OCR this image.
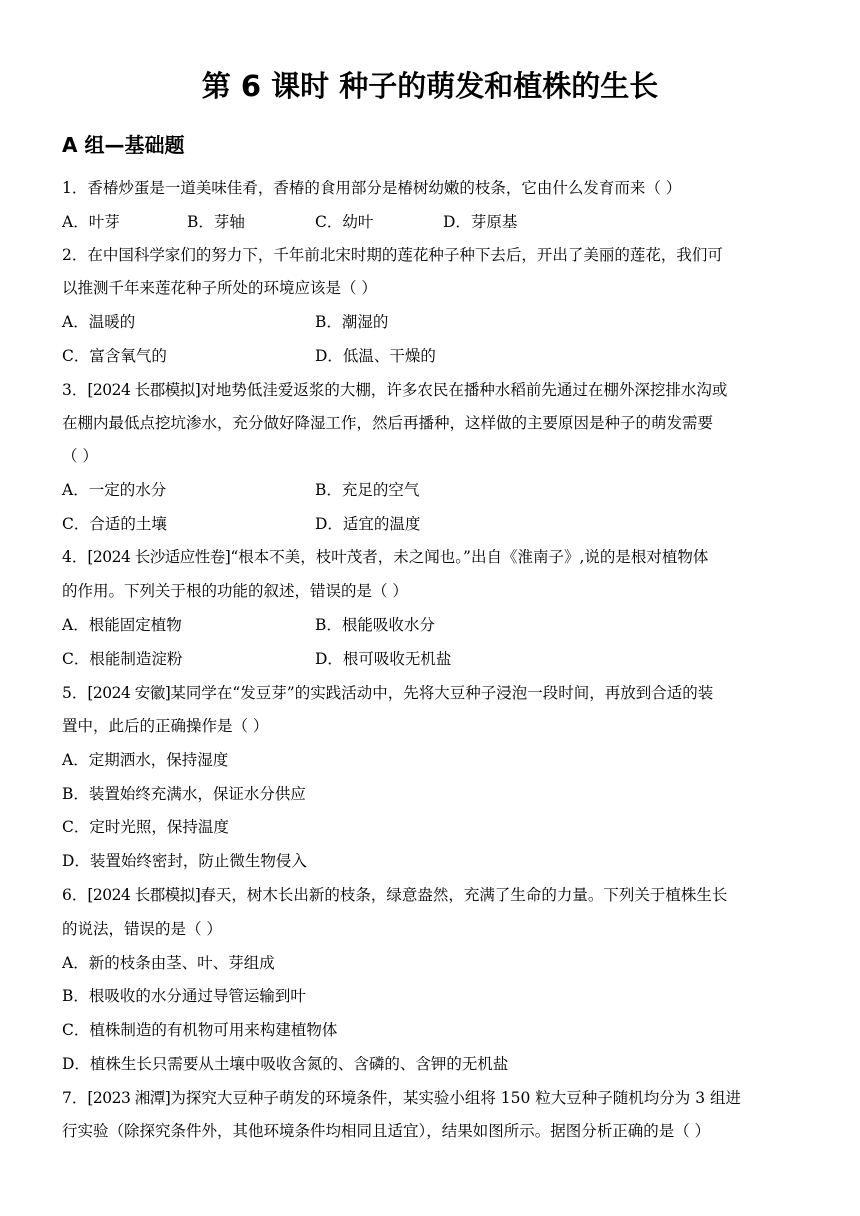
第 6 课时 种子的萌发和植株的生长
A 组—基础题
1．香椿炒蛋是一道美味佳肴，香椿的食用部分是椿树幼嫩的枝条，它由什么发育而来（ ）
A．叶芽	B．芽轴	C．幼叶	D．芽原基
2．在中国科学家们的努力下，千年前北宋时期的莲花种子种下去后，开出了美丽的莲花，我们可
以推测千年来莲花种子所处的环境应该是（ ）
A．温暖的	B．潮湿的
C．富含氧气的	D．低温、干燥的
3．[2024 长郡模拟]对地势低洼爱返浆的大棚，许多农民在播种水稻前先通过在棚外深挖排水沟或
在棚内最低点挖坑渗水，充分做好降湿工作，然后再播种，这样做的主要原因是种子的萌发需要
（ ）
A．一定的水分	B．充足的空气
C．合适的土壤	D．适宜的温度
4．[2024 长沙适应性卷]“根本不美，枝叶茂者，未之闻也。”出自《淮南子》,说的是根对植物体
的作用。下列关于根的功能的叙述，错误的是（ ）
A．根能固定植物	B．根能吸收水分
C．根能制造淀粉	D．根可吸收无机盐
5．[2024 安徽]某同学在“发豆芽”的实践活动中，先将大豆种子浸泡一段时间，再放到合适的装
置中，此后的正确操作是（ ）
A．定期洒水，保持湿度
B．装置始终充满水，保证水分供应
C．定时光照，保持温度
D．装置始终密封，防止微生物侵入
6．[2024 长郡模拟]春天，树木长出新的枝条，绿意盎然，充满了生命的力量。下列关于植株生长
的说法，错误的是（ ）
A．新的枝条由茎、叶、芽组成
B．根吸收的水分通过导管运输到叶
C．植株制造的有机物可用来构建植物体
D．植株生长只需要从土壤中吸收含氮的、含磷的、含钾的无机盐
7．[2023 湘潭]为探究大豆种子萌发的环境条件，某实验小组将 150 粒大豆种子随机均分为 3 组进
行实验（除探究条件外，其他环境条件均相同且适宜），结果如图所示。据图分析正确的是（ ）
